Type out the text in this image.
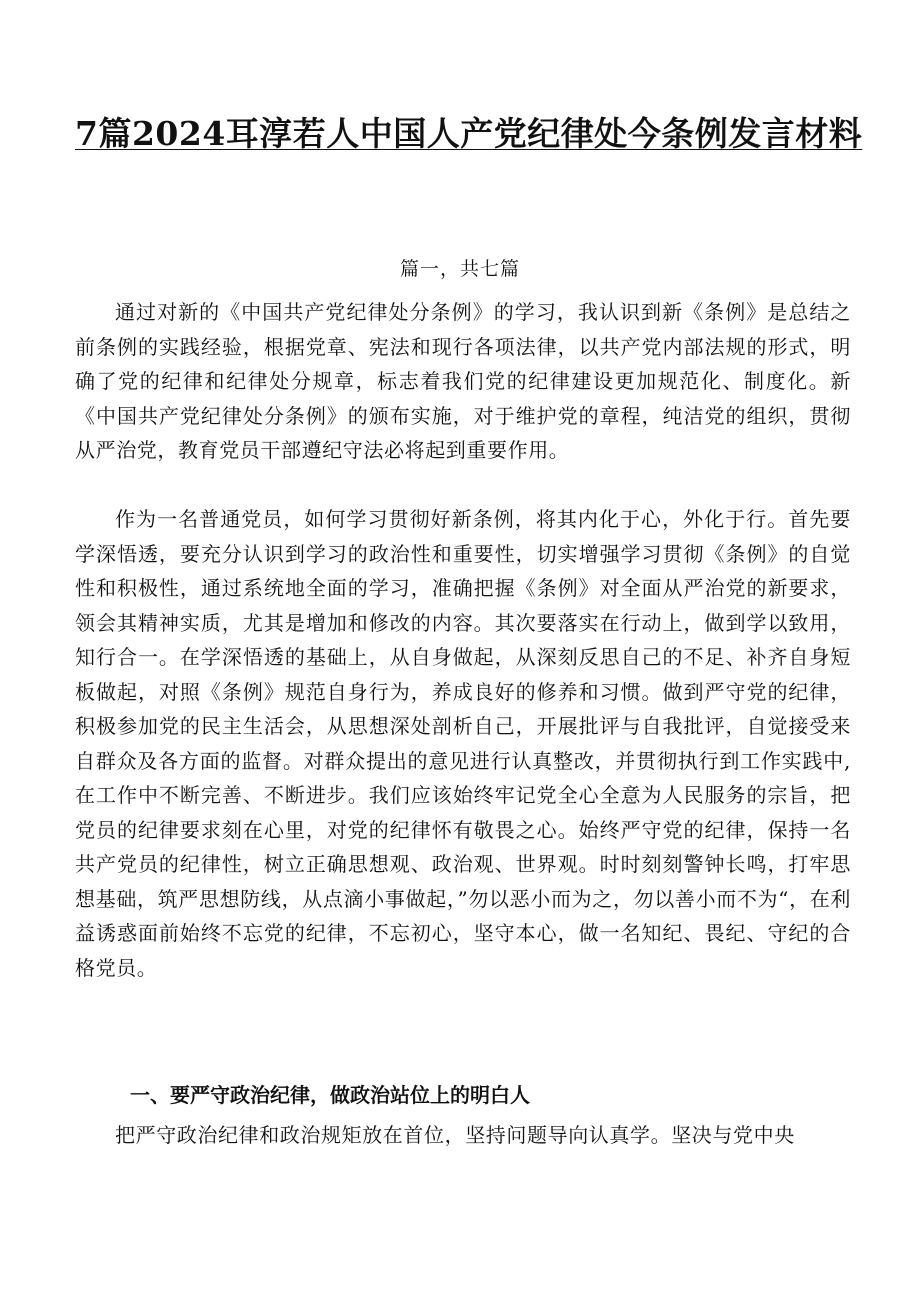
7篇2024耳淳若人中国人产党纪律处今条例发言材料
篇一，共七篇

通过对新的《中国共产党纪律处分条例》的学习，我认识到新《条例》是总结之前条例的实践经验，根据党章、宪法和现行各项法律，以共产党内部法规的形式，明确了党的纪律和纪律处分规章，标志着我们党的纪律建设更加规范化、制度化。新《中国共产党纪律处分条例》的颁布实施，对于维护党的章程，纯洁党的组织，贯彻从严治党，教育党员干部遵纪守法必将起到重要作用。

作为一名普通党员，如何学习贯彻好新条例，将其内化于心，外化于行。首先要学深悟透，要充分认识到学习的政治性和重要性，切实增强学习贯彻《条例》的自觉性和积极性，通过系统地全面的学习，准确把握《条例》对全面从严治党的新要求，领会其精神实质，尤其是增加和修改的内容。其次要落实在行动上，做到学以致用，知行合一。在学深悟透的基础上，从自身做起，从深刻反思自己的不足、补齐自身短板做起，对照《条例》规范自身行为，养成良好的修养和习惯。做到严守党的纪律，积极参加党的民主生活会，从思想深处剖析自己，开展批评与自我批评，自觉接受来自群众及各方面的监督。对群众提出的意见进行认真整改，并贯彻执行到工作实践中,在工作中不断完善、不断进步。我们应该始终牢记党全心全意为人民服务的宗旨，把党员的纪律要求刻在心里，对党的纪律怀有敬畏之心。始终严守党的纪律，保持一名共产党员的纪律性，树立正确思想观、政治观、世界观。时时刻刻警钟长鸣，打牢思想基础，筑严思想防线，从点滴小事做起，”勿以恶小而为之，勿以善小而不为“，在利益诱惑面前始终不忘党的纪律，不忘初心，坚守本心，做一名知纪、畏纪、守纪的合格党员。

一、要严守政治纪律，做政治站位上的明白人

把严守政治纪律和政治规矩放在首位，坚持问题导向认真学。坚决与党中央
